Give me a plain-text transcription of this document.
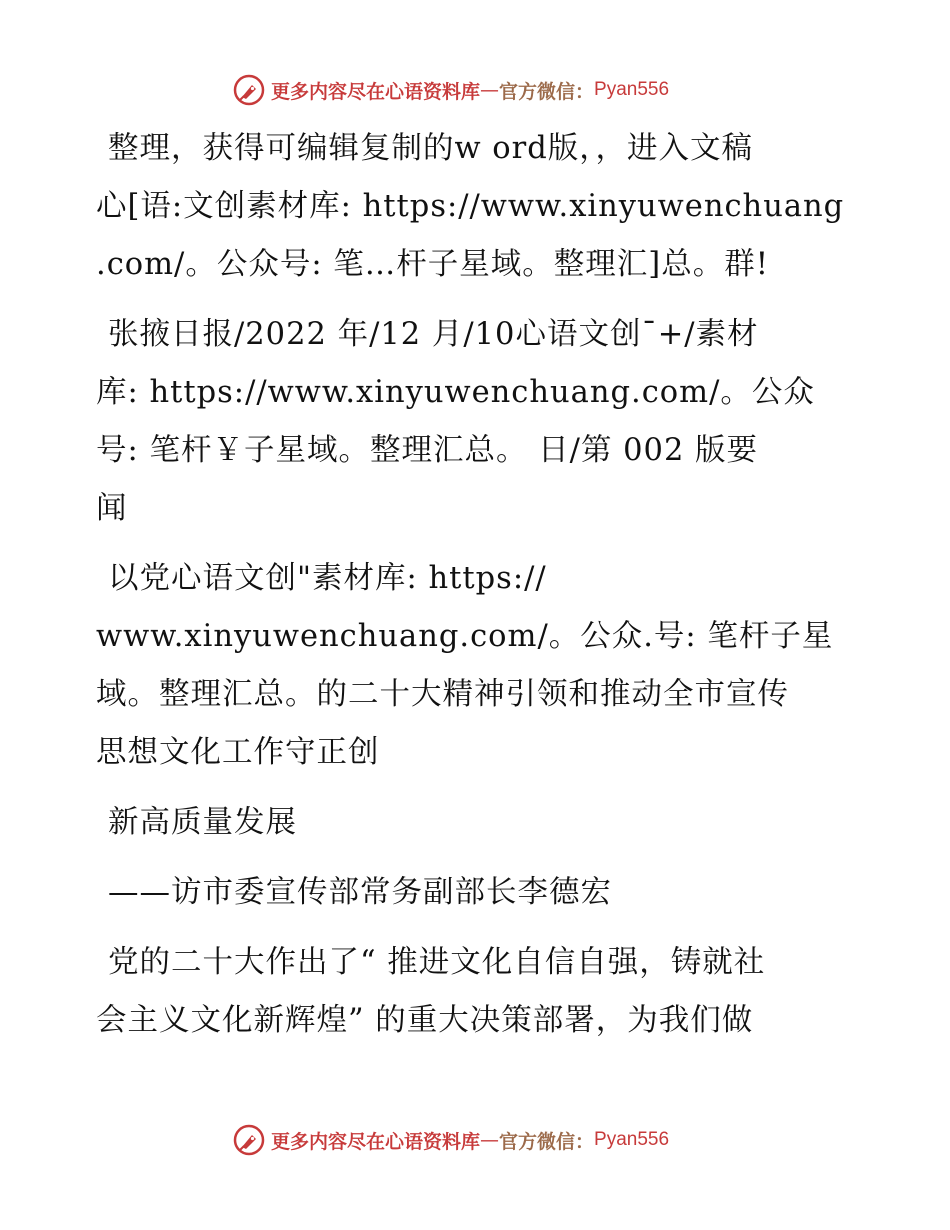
更多内容尽在心语资料库 — 官方微信： Pyan556

整理，获得可编辑复制的w ord版，，进入文稿
心[语:文创素材库: https://www.xinyuwenchuang
.com/。公众号: 笔…杆子星域。整理汇]总。群!

张掖日报/2022 年/12 月/10心语文创¯+/素材
库: https://www.xinyuwenchuang.com/。公众
号: 笔杆￥子星域。整理汇总。 日/第 002 版要
闻

以党心语文创"素材库: https://
www.xinyuwenchuang.com/。公众.号: 笔杆子星
域。整理汇总。的二十大精神引领和推动全市宣传
思想文化工作守正创

新高质量发展

——访市委宣传部常务副部长李德宏

党的二十大作出了“ 推进文化自信自强，铸就社
会主义文化新辉煌” 的重大决策部署，为我们做

更多内容尽在心语资料库 — 官方微信： Pyan556
